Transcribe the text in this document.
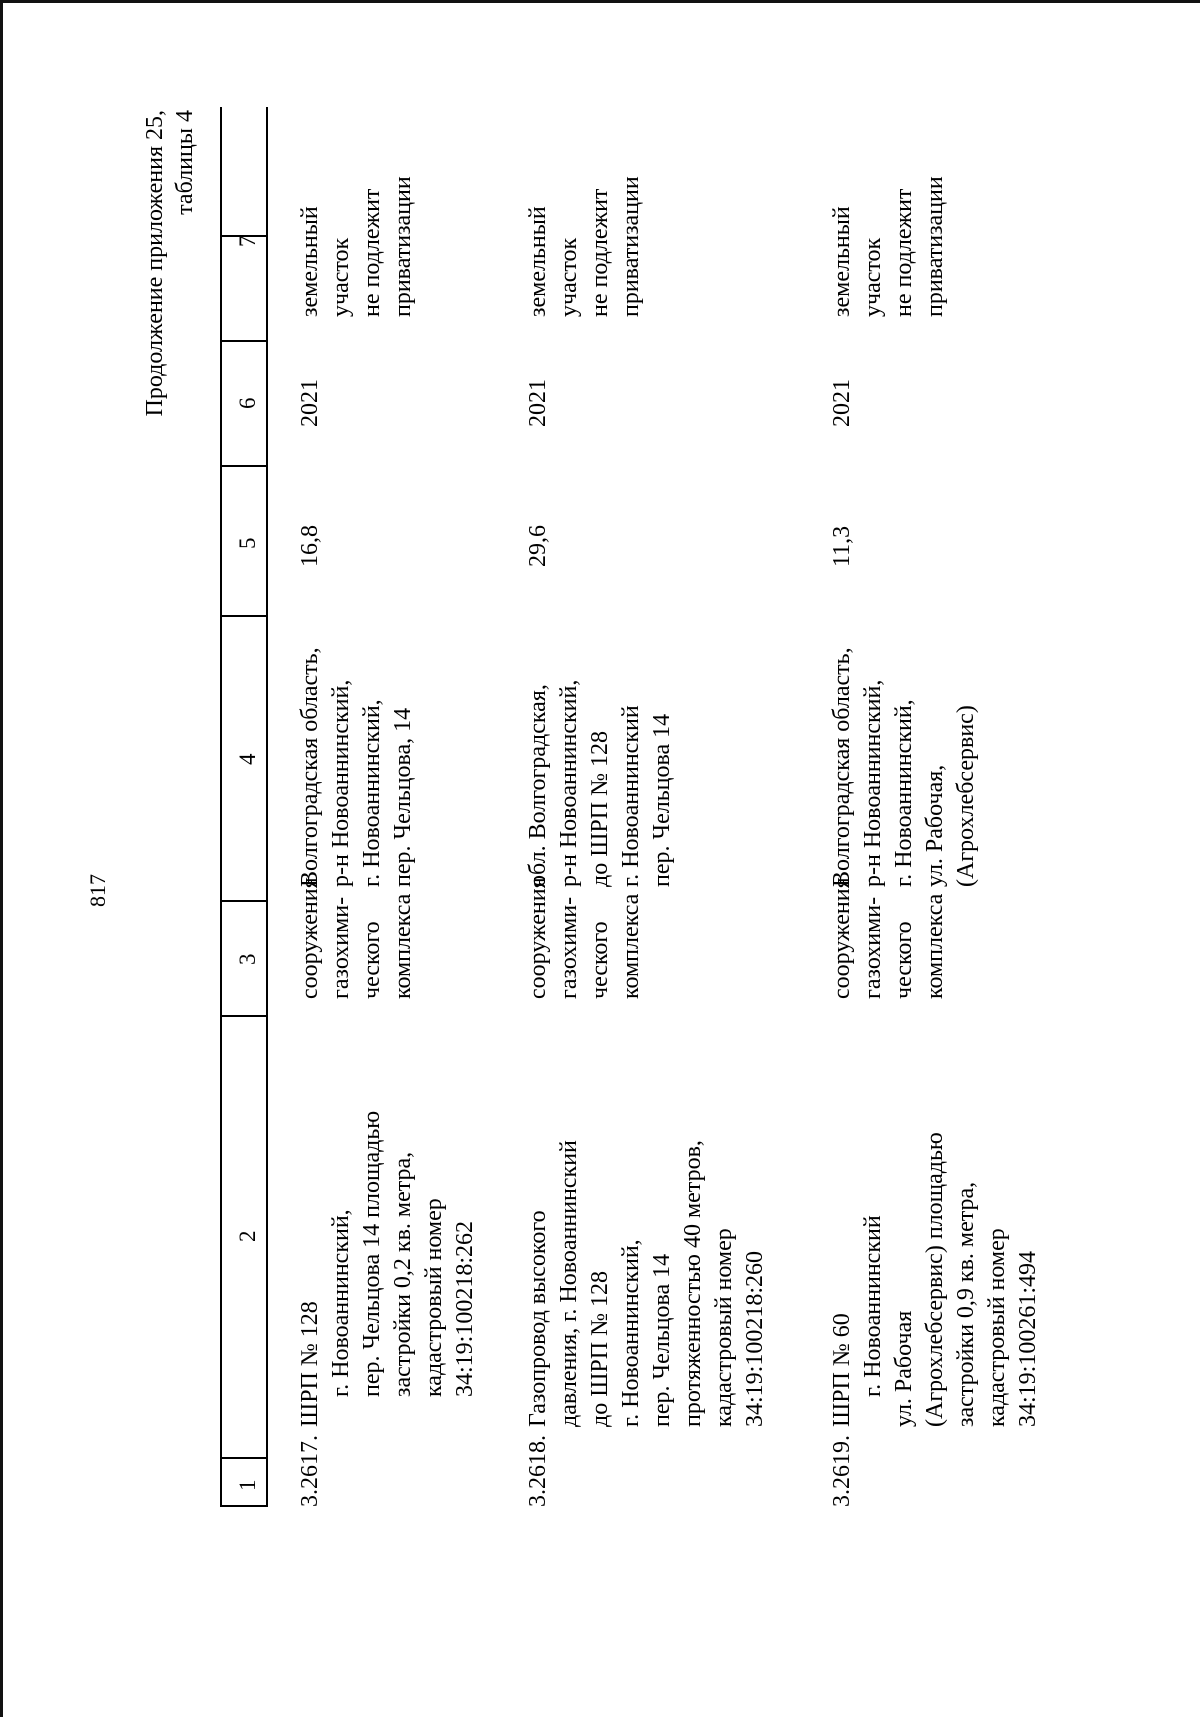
817
Продолжение приложения 25, таблицы 4
1
2
3
4
5
6
7
3.2617.
ШРП № 128 г. Новоаннинский, пер. Чельцова 14 площадью застройки 0,2 кв. метра, кадастровый номер 34:19:100218:262
сооружения газохими- ческого комплекса
Волгоградская область, р-н Новоаннинский, г. Новоаннинский, пер. Чельцова, 14
16,8
2021
земельный участок не подлежит приватизации
3.2618.
Газопровод высокого давления, г. Новоаннинский до ШРП № 128 г. Новоаннинский, пер. Чельцова 14 протяженностью 40 метров, кадастровый номер 34:19:100218:260
сооружения газохими- ческого комплекса
обл. Волгоградская, р-н Новоаннинский, до ШРП № 128 г. Новоаннинский пер. Чельцова 14
29,6
2021
земельный участок не подлежит приватизации
3.2619.
ШРП № 60 г. Новоаннинский ул. Рабочая (Агрохлебсервис) площадью застройки 0,9 кв. метра, кадастровый номер 34:19:100261:494
сооружения газохими- ческого комплекса
Волгоградская область, р-н Новоаннинский, г. Новоаннинский, ул. Рабочая, (Агрохлебсервис)
11,3
2021
земельный участок не подлежит приватизации
